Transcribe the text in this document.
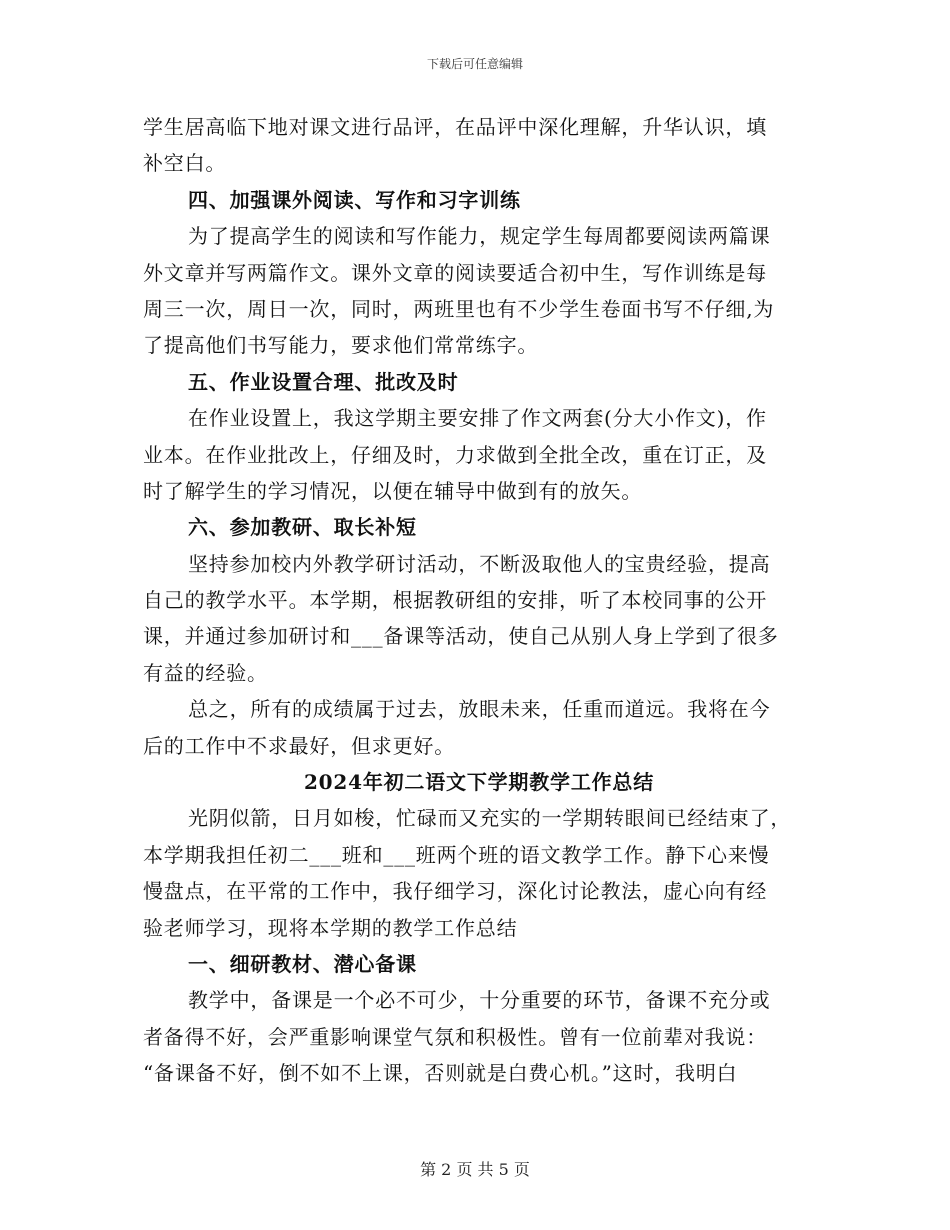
下载后可任意编辑
学生居高临下地对课文进行品评，在品评中深化理解，升华认识，填
补空白。
四、加强课外阅读、写作和习字训练
为了提高学生的阅读和写作能力，规定学生每周都要阅读两篇课
外文章并写两篇作文。课外文章的阅读要适合初中生，写作训练是每
周三一次，周日一次，同时，两班里也有不少学生卷面书写不仔细,为
了提高他们书写能力，要求他们常常练字。
五、作业设置合理、批改及时
在作业设置上，我这学期主要安排了作文两套(分大小作文)，作
业本。在作业批改上，仔细及时，力求做到全批全改，重在订正，及
时了解学生的学习情况，以便在辅导中做到有的放矢。
六、参加教研、取长补短
坚持参加校内外教学研讨活动，不断汲取他人的宝贵经验，提高
自己的教学水平。本学期，根据教研组的安排，听了本校同事的公开
课，并通过参加研讨和___备课等活动，使自己从别人身上学到了很多
有益的经验。
总之，所有的成绩属于过去，放眼未来，任重而道远。我将在今
后的工作中不求最好，但求更好。
2024年初二语文下学期教学工作总结
光阴似箭，日月如梭，忙碌而又充实的一学期转眼间已经结束了，
本学期我担任初二___班和___班两个班的语文教学工作。静下心来慢
慢盘点，在平常的工作中，我仔细学习，深化讨论教法，虚心向有经
验老师学习，现将本学期的教学工作总结
一、细研教材、潜心备课
教学中，备课是一个必不可少，十分重要的环节，备课不充分或
者备得不好，会严重影响课堂气氛和积极性。曾有一位前辈对我说：
“备课备不好，倒不如不上课，否则就是白费心机。”这时，我明白
第 2 页 共 5 页
